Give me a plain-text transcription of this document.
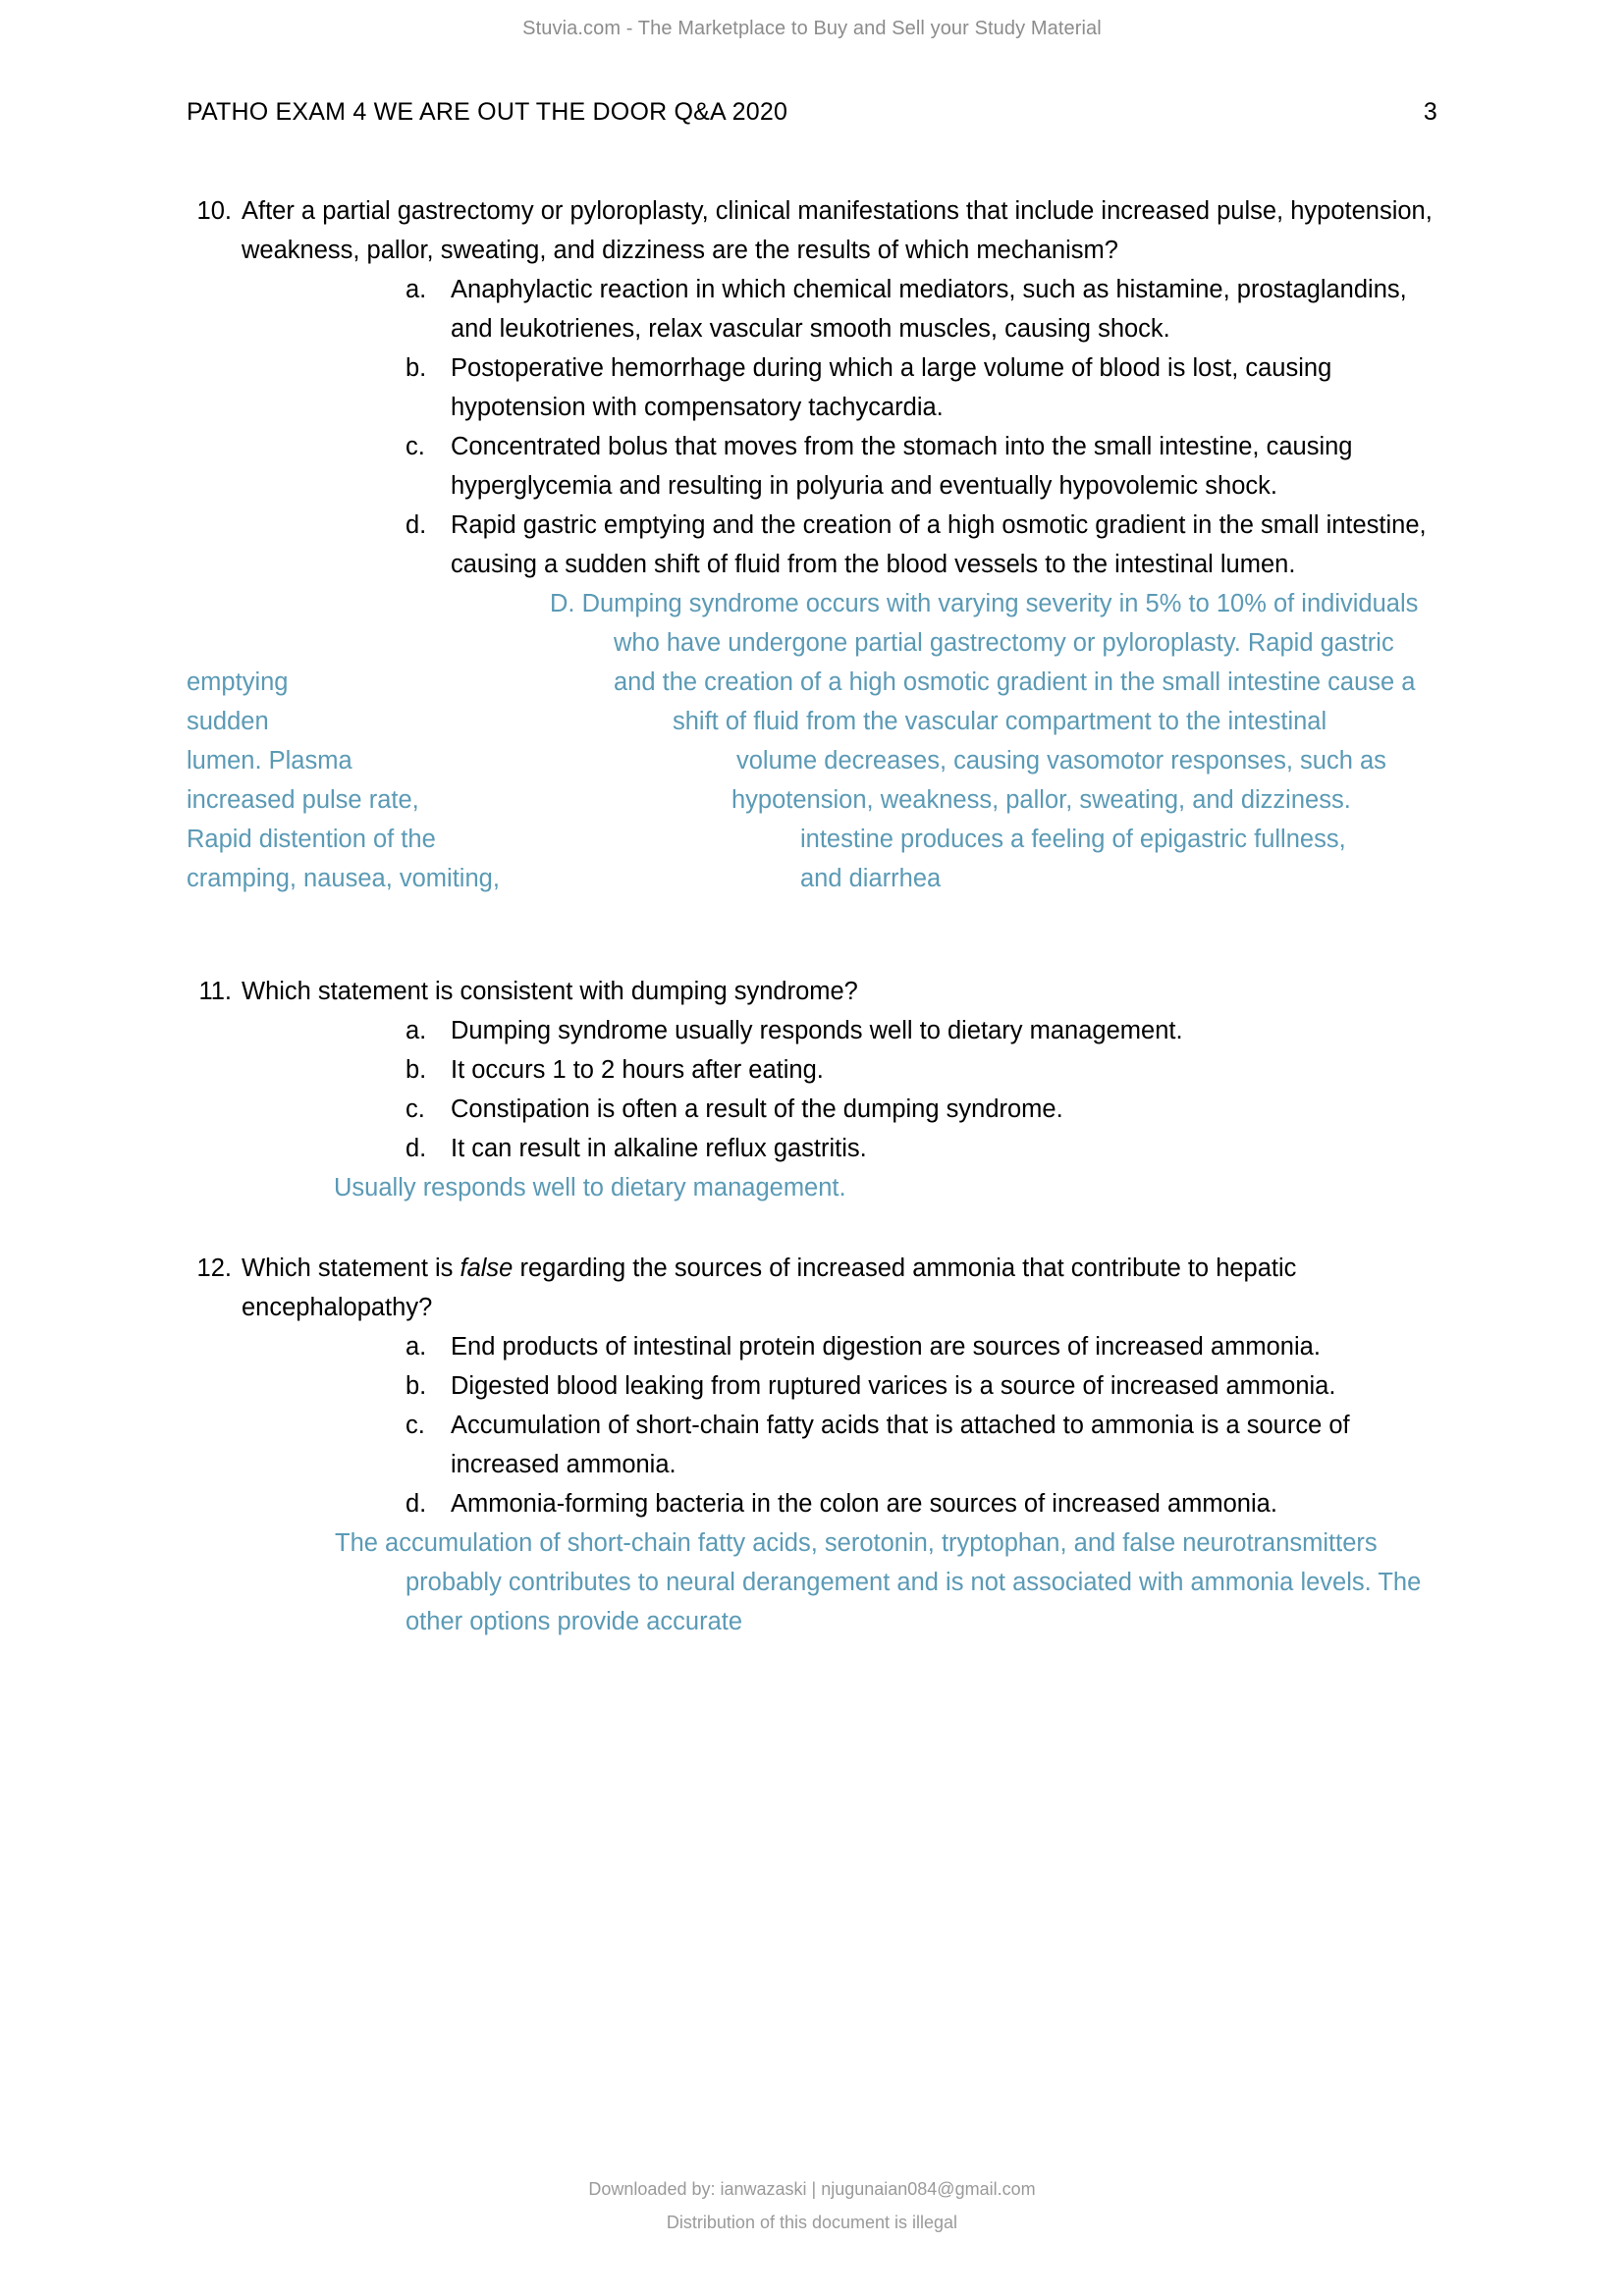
Stuvia.com - The Marketplace to Buy and Sell your Study Material
PATHO EXAM 4 WE ARE OUT THE DOOR Q&A 2020	3
10. After a partial gastrectomy or pyloroplasty, clinical manifestations that include increased pulse, hypotension, weakness, pallor, sweating, and dizziness are the results of which mechanism?
a. Anaphylactic reaction in which chemical mediators, such as histamine, prostaglandins, and leukotrienes, relax vascular smooth muscles, causing shock.
b. Postoperative hemorrhage during which a large volume of blood is lost, causing hypotension with compensatory tachycardia.
c.	Concentrated bolus that moves from the stomach into the small intestine, causing hyperglycemia and resulting in polyuria and eventually hypovolemic shock.
d. Rapid gastric emptying and the creation of a high osmotic gradient in the small intestine, causing a sudden shift of fluid from the blood vessels to the intestinal lumen.
D. Dumping syndrome occurs with varying severity in 5% to 10% of individuals
who have undergone partial gastrectomy or pyloroplasty. Rapid gastric
emptying	and the creation of a high osmotic gradient in the small intestine cause a
sudden	shift of fluid from the vascular compartment to the intestinal
lumen. Plasma	volume decreases, causing vasomotor responses, such as
increased pulse rate,	hypotension, weakness, pallor, sweating, and dizziness.
Rapid distention of the	intestine produces a feeling of epigastric fullness,
cramping, nausea, vomiting,	and diarrhea
11. Which statement is consistent with dumping syndrome?
a. Dumping syndrome usually responds well to dietary management.
b. It occurs 1 to 2 hours after eating.
c.	Constipation is often a result of the dumping syndrome.
d. It can result in alkaline reflux gastritis.
Usually responds well to dietary management.
12. Which statement is false regarding the sources of increased ammonia that contribute to hepatic encephalopathy?
a. End products of intestinal protein digestion are sources of increased ammonia.
b. Digested blood leaking from ruptured varices is a source of increased ammonia.
c.	Accumulation of short-chain fatty acids that is attached to ammonia is a source of increased ammonia.
d. Ammonia-forming bacteria in the colon are sources of increased ammonia.
The accumulation of short-chain fatty acids, serotonin, tryptophan, and false neurotransmitters probably contributes to neural derangement and is not associated with ammonia levels. The other options provide accurate
Downloaded by: ianwazaski | njugunaian084@gmail.com
Distribution of this document is illegal
